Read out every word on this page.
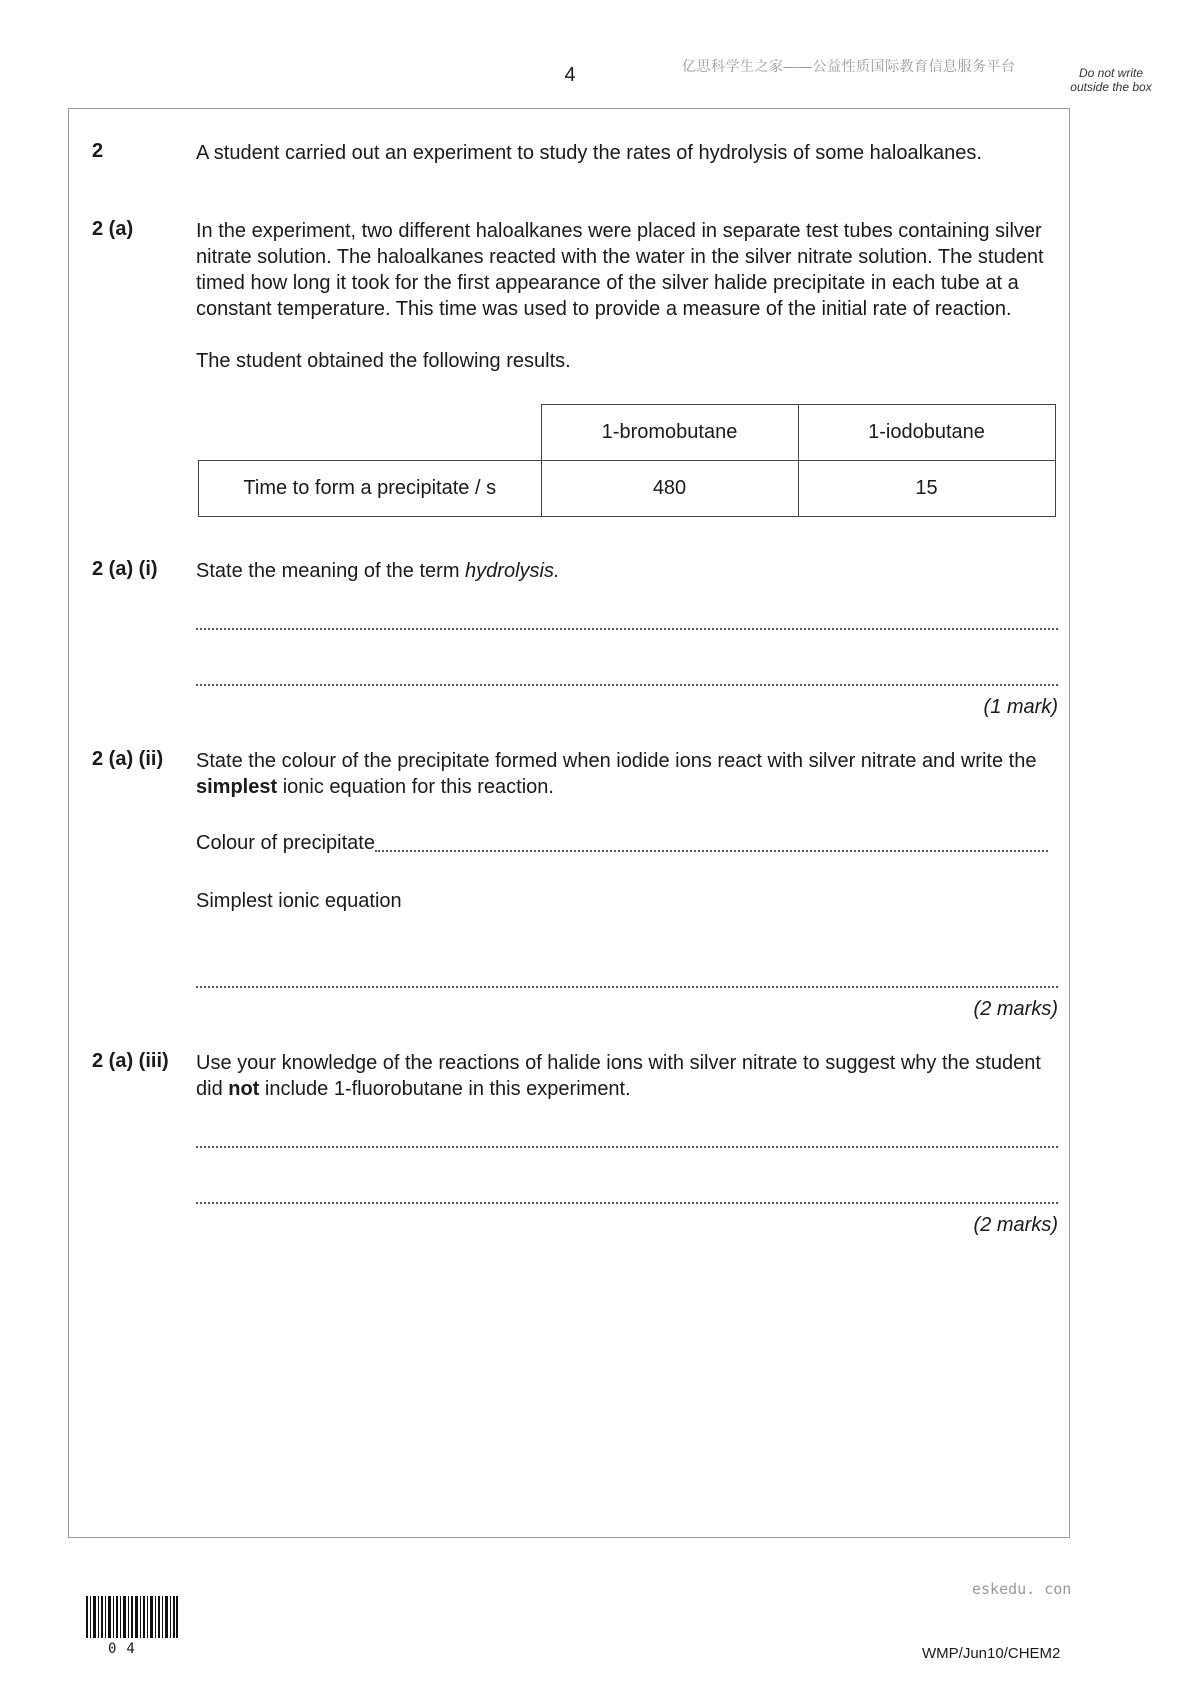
4	亿思科学生之家——公益性质国际教育信息服务平台	Do not write outside the box
2	A student carried out an experiment to study the rates of hydrolysis of some haloalkanes.
2 (a)	In the experiment, two different haloalkanes were placed in separate test tubes containing silver nitrate solution. The haloalkanes reacted with the water in the silver nitrate solution. The student timed how long it took for the first appearance of the silver halide precipitate in each tube at a constant temperature. This time was used to provide a measure of the initial rate of reaction.
The student obtained the following results.
	1-bromobutane	1-iodobutane
Time to form a precipitate / s	480	15
2 (a) (i) State the meaning of the term hydrolysis.
(1 mark)
2 (a) (ii) State the colour of the precipitate formed when iodide ions react with silver nitrate and write the simplest ionic equation for this reaction.
Colour of precipitate
Simplest ionic equation
(2 marks)
2 (a) (iii) Use your knowledge of the reactions of halide ions with silver nitrate to suggest why the student did not include 1-fluorobutane in this experiment.
(2 marks)
eskedu. con
04	WMP/Jun10/CHEM2
